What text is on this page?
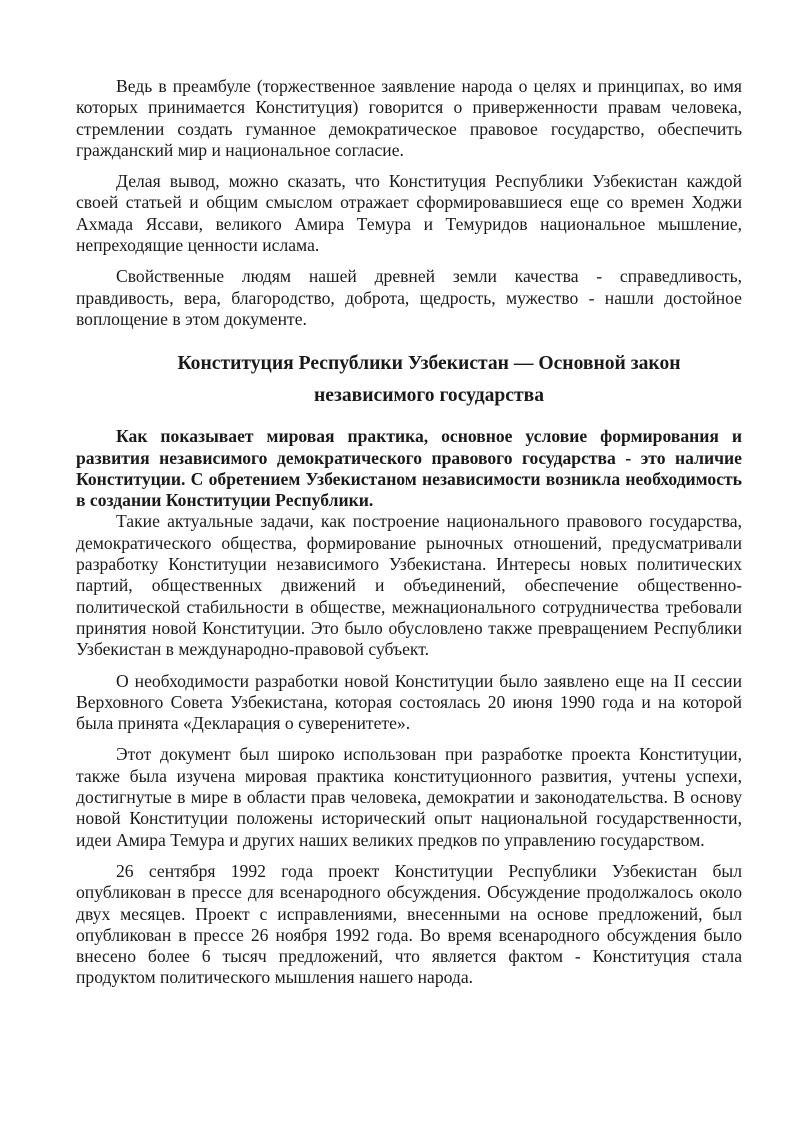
Ведь в преамбуле (торжественное заявление народа о целях и принципах, во имя которых принимается Конституция) говорится о приверженности правам человека, стремлении создать гуманное демократическое правовое государство, обеспечить гражданский мир и национальное согласие.

Делая вывод, можно сказать, что Конституция Республики Узбекистан каждой своей статьей и общим смыслом отражает сформировавшиеся еще со времен Ходжи Ахмада Яссави, великого Амира Темура и Темуридов национальное мышление, непреходящие ценности ислама.

Свойственные людям нашей древней земли качества - справедливость, правдивость, вера, благородство, доброта, щедрость, мужество - нашли достойное воплощение в этом документе.

Конституция Республики Узбекистан — Основной закон
независимого государства

Как показывает мировая практика, основное условие формирования и развития независимого демократического правового государства - это наличие Конституции. С обретением Узбекистаном независимости возникла необходимость в создании Конституции Республики.

Такие актуальные задачи, как построение национального правового государства, демократического общества, формирование рыночных отношений, предусматривали разработку Конституции независимого Узбекистана. Интересы новых политических партий, общественных движений и объединений, обеспечение общественно-политической стабильности в обществе, межнационального сотрудничества требовали принятия новой Конституции. Это было обусловлено также превращением Республики Узбекистан в международно-правовой субъект.

О необходимости разработки новой Конституции было заявлено еще на II сессии Верховного Совета Узбекистана, которая состоялась 20 июня 1990 года и на которой была принята «Декларация о суверенитете».

Этот документ был широко использован при разработке проекта Конституции, также была изучена мировая практика конституционного развития, учтены успехи, достигнутые в мире в области прав человека, демократии и законодательства. В основу новой Конституции положены исторический опыт национальной государственности, идеи Амира Темура и других наших великих предков по управлению государством.

26 сентября 1992 года проект Конституции Республики Узбекистан был опубликован в прессе для всенародного обсуждения. Обсуждение продолжалось около двух месяцев. Проект с исправлениями, внесенными на основе предложений, был опубликован в прессе 26 ноября 1992 года. Во время всенародного обсуждения было внесено более 6 тысяч предложений, что является фактом - Конституция стала продуктом политического мышления нашего народа.
